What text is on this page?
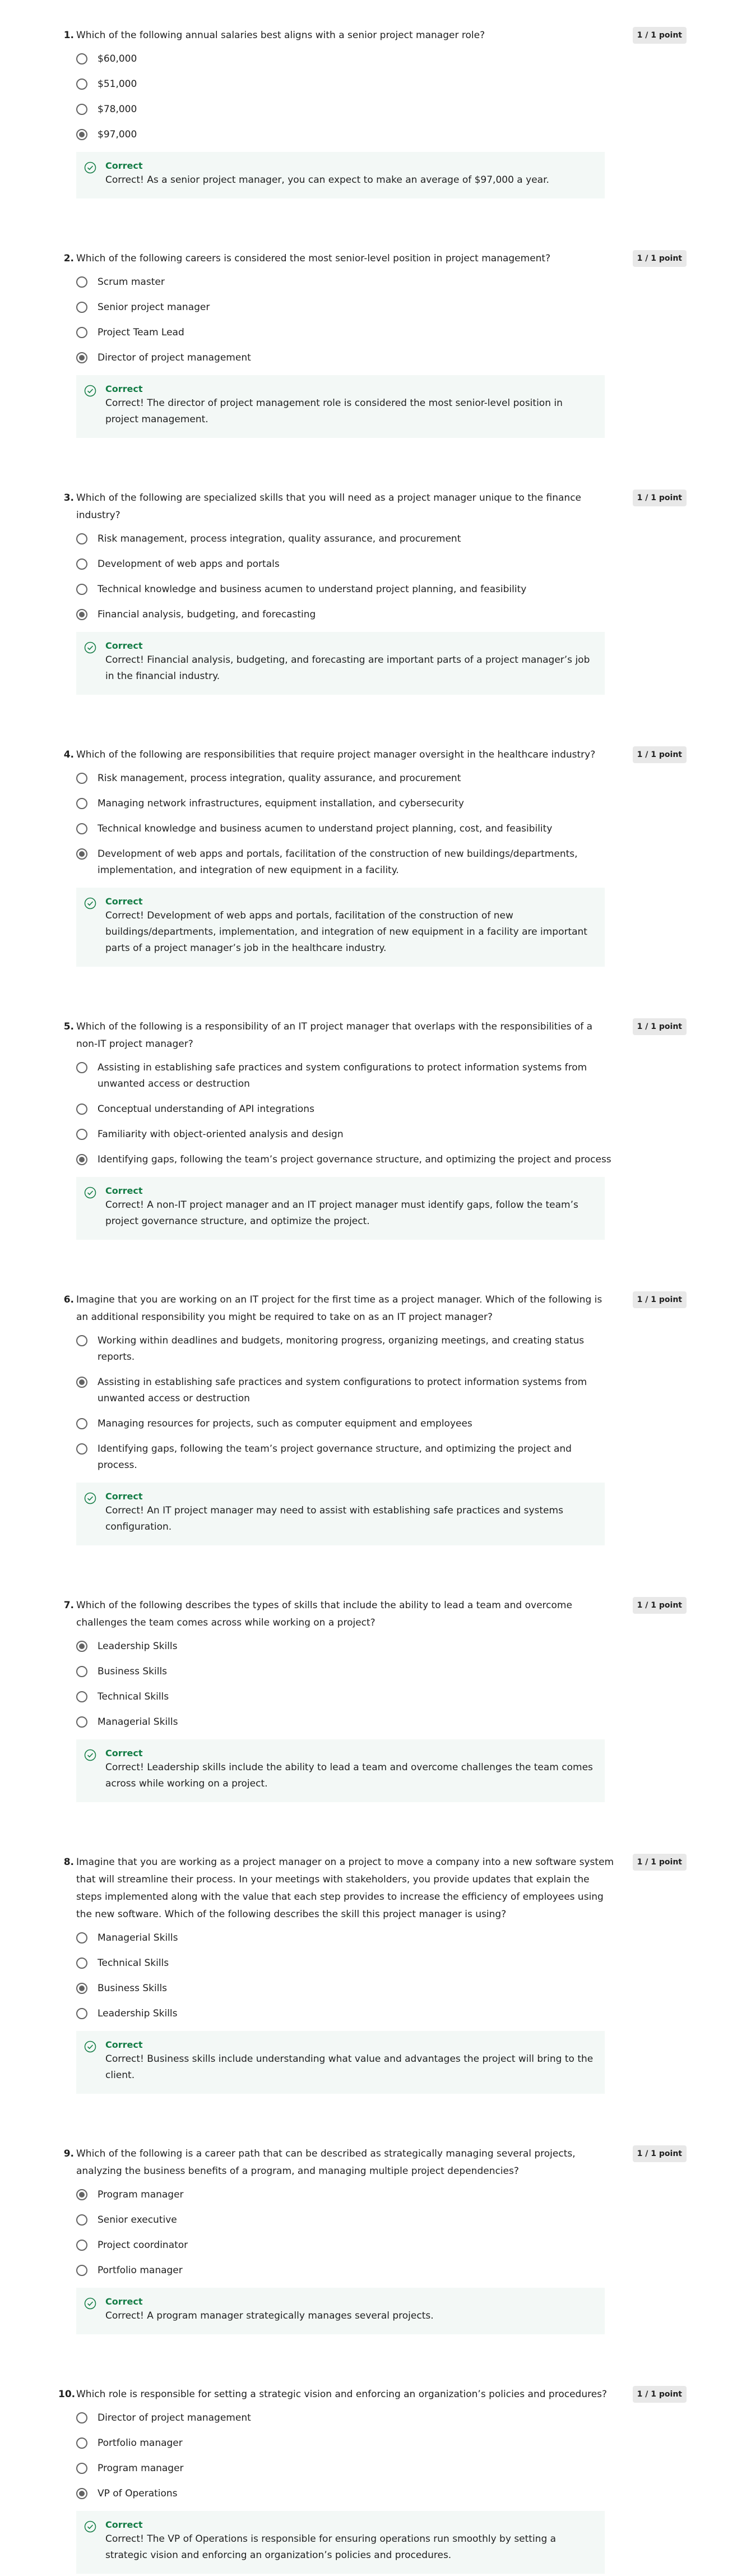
1. Which of the following annual salaries best aligns with a senior project manager role?	1 / 1 point
$60,000
$51,000
$78,000
$97,000
Correct
Correct! As a senior project manager, you can expect to make an average of $97,000 a year.
2. Which of the following careers is considered the most senior-level position in project management?	1 / 1 point
Scrum master
Senior project manager
Project Team Lead
Director of project management
Correct
Correct! The director of project management role is considered the most senior-level position in project management.
3. Which of the following are specialized skills that you will need as a project manager unique to the finance industry?
1 / 1 point
Risk management, process integration, quality assurance, and procurement
Development of web apps and portals
Technical knowledge and business acumen to understand project planning, and feasibility
Financial analysis, budgeting, and forecasting
Correct
Correct! Financial analysis, budgeting, and forecasting are important parts of a project manager’s job in the financial industry.
4. Which of the following are responsibilities that require project manager oversight in the healthcare industry?	1 / 1 point
Risk management, process integration, quality assurance, and procurement
Managing network infrastructures, equipment installation, and cybersecurity
Technical knowledge and business acumen to understand project planning, cost, and feasibility
Development of web apps and portals, facilitation of the construction of new buildings/departments, implementation, and integration of new equipment in a facility.
Correct
Correct! Development of web apps and portals, facilitation of the construction of new buildings/departments, implementation, and integration of new equipment in a facility are important parts of a project manager’s job in the healthcare industry.
5. Which of the following is a responsibility of an IT project manager that overlaps with the responsibilities of a non-IT project manager?
1 / 1 point
Assisting in establishing safe practices and system configurations to protect information systems from unwanted access or destruction
Conceptual understanding of API integrations
Familiarity with object-oriented analysis and design
Identifying gaps, following the team’s project governance structure, and optimizing the project and process
Correct
Correct! A non-IT project manager and an IT project manager must identify gaps, follow the team’s project governance structure, and optimize the project.
6. Imagine that you are working on an IT project for the first time as a project manager. Which of the following is an additional responsibility you might be required to take on as an IT project manager?
1 / 1 point
Working within deadlines and budgets, monitoring progress, organizing meetings, and creating status reports.
Assisting in establishing safe practices and system configurations to protect information systems from unwanted access or destruction
Managing resources for projects, such as computer equipment and employees
Identifying gaps, following the team’s project governance structure, and optimizing the project and process.
Correct
Correct! An IT project manager may need to assist with establishing safe practices and systems configuration.
7. Which of the following describes the types of skills that include the ability to lead a team and overcome challenges the team comes across while working on a project?
1 / 1 point
Leadership Skills
Business Skills
Technical Skills
Managerial Skills
Correct
Correct! Leadership skills include the ability to lead a team and overcome challenges the team comes across while working on a project.
8. Imagine that you are working as a project manager on a project to move a company into a new software system that will streamline their process. In your meetings with stakeholders, you provide updates that explain the steps implemented along with the value that each step provides to increase the efficiency of employees using the new software. Which of the following describes the skill this project manager is using?
1 / 1 point
Managerial Skills
Technical Skills
Business Skills
Leadership Skills
Correct
Correct! Business skills include understanding what value and advantages the project will bring to the client.
9. Which of the following is a career path that can be described as strategically managing several projects, analyzing the business benefits of a program, and managing multiple project dependencies?
1 / 1 point
Program manager
Senior executive
Project coordinator
Portfolio manager
Correct
Correct! A program manager strategically manages several projects.
10. Which role is responsible for setting a strategic vision and enforcing an organization’s policies and procedures?	1 / 1 point
Director of project management
Portfolio manager
Program manager
VP of Operations
Correct
Correct! The VP of Operations is responsible for ensuring operations run smoothly by setting a strategic vision and enforcing an organization’s policies and procedures.
